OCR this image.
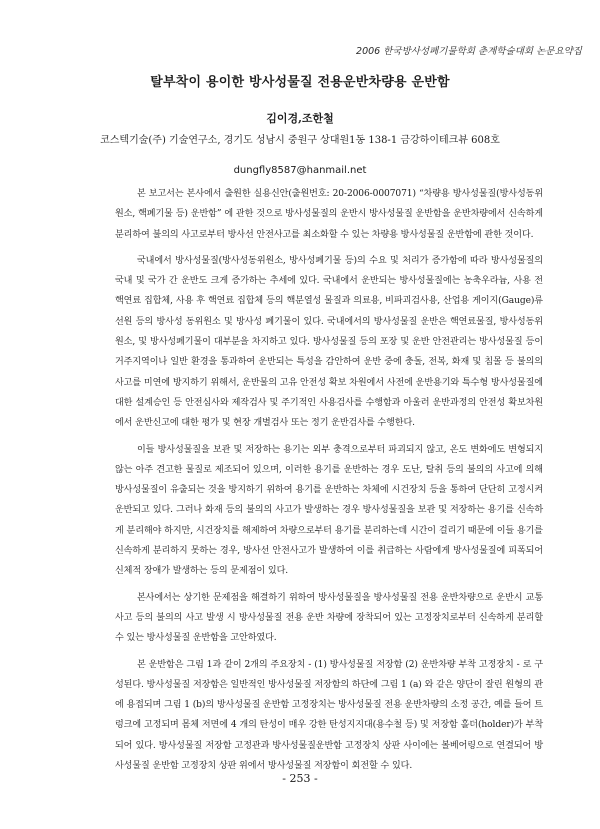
2006 한국방사성폐기물학회 춘계학술대회 논문요약집
탈부착이 용이한 방사성물질 전용운반차량용 운반함
김이경,조한철
코스텍기술(주) 기술연구소, 경기도 성남시 중원구 상대원1동 138-1 금강하이테크뷰 608호
dungfly8587@hanmail.net

본 보고서는 본사에서 출원한 실용신안(출원번호: 20-2006-0007071) “차량용 방사성물질(방사성동위원소, 핵폐기물 등) 운반함” 에 관한 것으로 방사성물질의 운반시 방사성물질 운반함을 운반차량에서 신속하게 분리하여 불의의 사고로부터 방사선 안전사고를 최소화할 수 있는 차량용 방사성물질 운반함에 관한 것이다.

국내에서 방사성물질(방사성동위원소, 방사성폐기물 등)의 수요 및 처리가 증가함에 따라 방사성물질의 국내 및 국가 간 운반도 크게 증가하는 추세에 있다. 국내에서 운반되는 방사성물질에는 농축우라늄, 사용 전 핵연료 집합체, 사용 후 핵연료 집합체 등의 핵분열성 물질과 의료용, 비파괴검사용, 산업용 게이지(Gauge)류 선원 등의 방사성 동위원소 및 방사성 폐기물이 있다. 국내에서의 방사성물질 운반은 핵연료물질, 방사성동위원소, 및 방사성폐기물이 대부분을 차지하고 있다. 방사성물질 등의 포장 및 운반 안전관리는 방사성물질 등이 거주지역이나 일반 환경을 통과하여 운반되는 특성을 감안하여 운반 중에 충돌, 전복, 화재 및 침몰 등 불의의 사고를 미연에 방지하기 위해서, 운반물의 고유 안전성 확보 차원에서 사전에 운반용기와 특수형 방사성물질에 대한 설계승인 등 안전심사와 제작검사 및 주기적인 사용검사를 수행함과 아울러 운반과정의 안전성 확보차원에서 운반신고에 대한 평가 및 현장 개별검사 또는 정기 운반검사를 수행한다.

이들 방사성물질을 보관 및 저장하는 용기는 외부 충격으로부터 파괴되지 않고, 온도 변화에도 변형되지 않는 아주 견고한 물질로 제조되어 있으며, 이러한 용기를 운반하는 경우 도난, 탈취 등의 불의의 사고에 의해 방사성물질이 유출되는 것을 방지하기 위하여 용기를 운반하는 차체에 시건장치 등을 통하여 단단히 고정시켜 운반되고 있다. 그러나 화재 등의 불의의 사고가 발생하는 경우 방사성물질을 보관 및 저장하는 용기를 신속하게 분리해야 하지만, 시건장치를 해제하여 차량으로부터 용기를 분리하는데 시간이 걸리기 때문에 이들 용기를 신속하게 분리하지 못하는 경우, 방사선 안전사고가 발생하여 이를 취급하는 사람에게 방사성물질에 피폭되어 신체적 장애가 발생하는 등의 문제점이 있다.

본사에서는 상기한 문제점을 해결하기 위하여 방사성물질을 방사성물질 전용 운반차량으로 운반시 교통사고 등의 불의의 사고 발생 시 방사성물질 전용 운반 차량에 장착되어 있는 고정장치로부터 신속하게 분리할 수 있는 방사성물질 운반함을 고안하였다.

본 운반함은 그림 1과 같이 2개의 주요장치 - (1) 방사성물질 저장함 (2) 운반차량 부착 고정장치 - 로 구성된다. 방사성물질 저장함은 일반적인 방사성물질 저장함의 하단에 그림 1 (a) 와 같은 양단이 잘린 원형의 관에 용접되며 그림 1 (b)의 방사성물질 운반함 고정장치는 방사성물질 전용 운반차량의 소정 공간, 예를 들어 트렁크에 고정되며 몸체 저면에 4 개의 탄성이 매우 강한 탄성지지대(용수철 등) 및 저장함 홀더(holder)가 부착되어 있다. 방사성물질 저장함 고정관과 방사성물질운반함 고정장치 상판 사이에는 볼베어링으로 연결되어 방사성물질 운반함 고정장치 상판 위에서 방사성물질 저장함이 회전할 수 있다.

- 253 -
